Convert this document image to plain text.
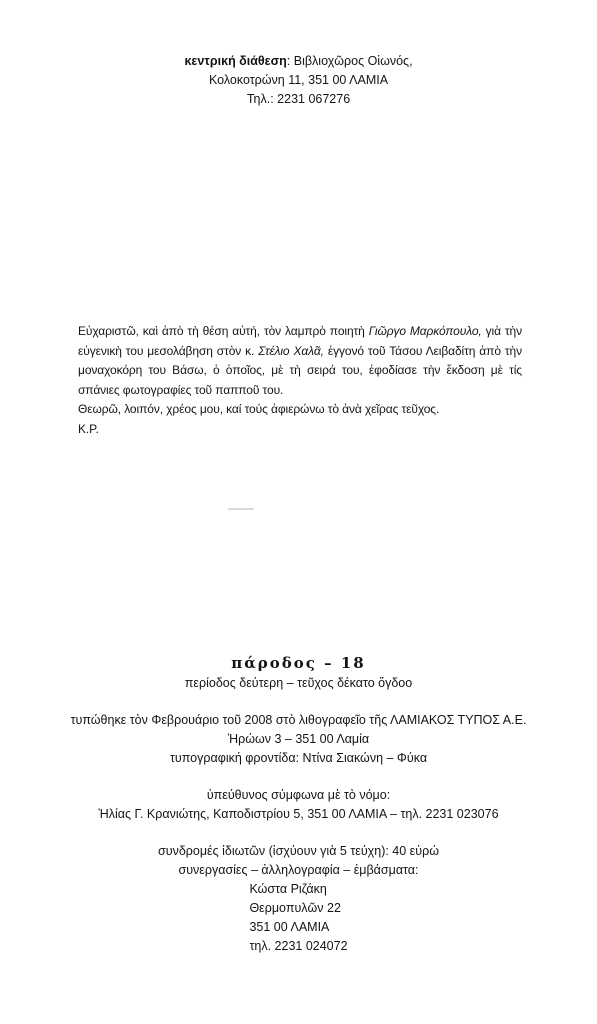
κεντρική διάθεση: Βιβλιοχῶρος Οἰωνός,
Κολοκοτρώνη 11, 351 00 ΛΑΜΙΑ
Τηλ.: 2231 067276

Εὐχαριστῶ, καὶ ἀπὸ τὴ θέση αὐτή, τὸν λαμπρὸ ποιητὴ Γιῶργο Μαρκόπουλο, γιὰ τὴν εὐγενικὴ του μεσολάβηση στὸν κ. Στέλιο Χαλᾶ, ἐγγονό τοῦ Τάσου Λειβαδίτη ἀπὸ τὴν μοναχοκόρη του Βάσω, ὁ ὁποῖος, μὲ τὴ σειρά του, ἐφοδίασε τὴν ἔκδοση μὲ τίς σπάνιες φωτογραφίες τοῦ παπποῦ του.

Θεωρῶ, λοιπόν, χρέος μου, καί τούς ἀφιερώνω τὸ ἀνὰ χεῖρας τεῦχος.

Κ.Ρ.

πάροδος – 18
περίοδος δεύτερη – τεῦχος δέκατο ὄγδοο
τυπώθηκε τὸν Φεβρουάριο τοῦ 2008 στὸ λιθογραφεῖο τῆς ΛΑΜΙΑΚΟΣ ΤΥΠΟΣ Α.Ε.
Ἡρώων 3 – 351 00 Λαμία
τυπογραφική φροντίδα: Ντίνα Σιακώνη – Φύκα
ὑπεύθυνος σύμφωνα μὲ τὸ νόμο:
Ἡλίας Γ. Κρανιώτης, Καποδιστρίου 5, 351 00 ΛΑΜΙΑ – τηλ. 2231 023076
συνδρομές ἰδιωτῶν (ἰσχύουν γιὰ 5 τεύχη): 40 εὐρώ
συνεργασίες – ἀλληλογραφία – ἐμβάσματα:
Κώστα Ριζάκη
Θερμοπυλῶν 22
351 00 ΛΑΜΙΑ
τηλ. 2231 024072
